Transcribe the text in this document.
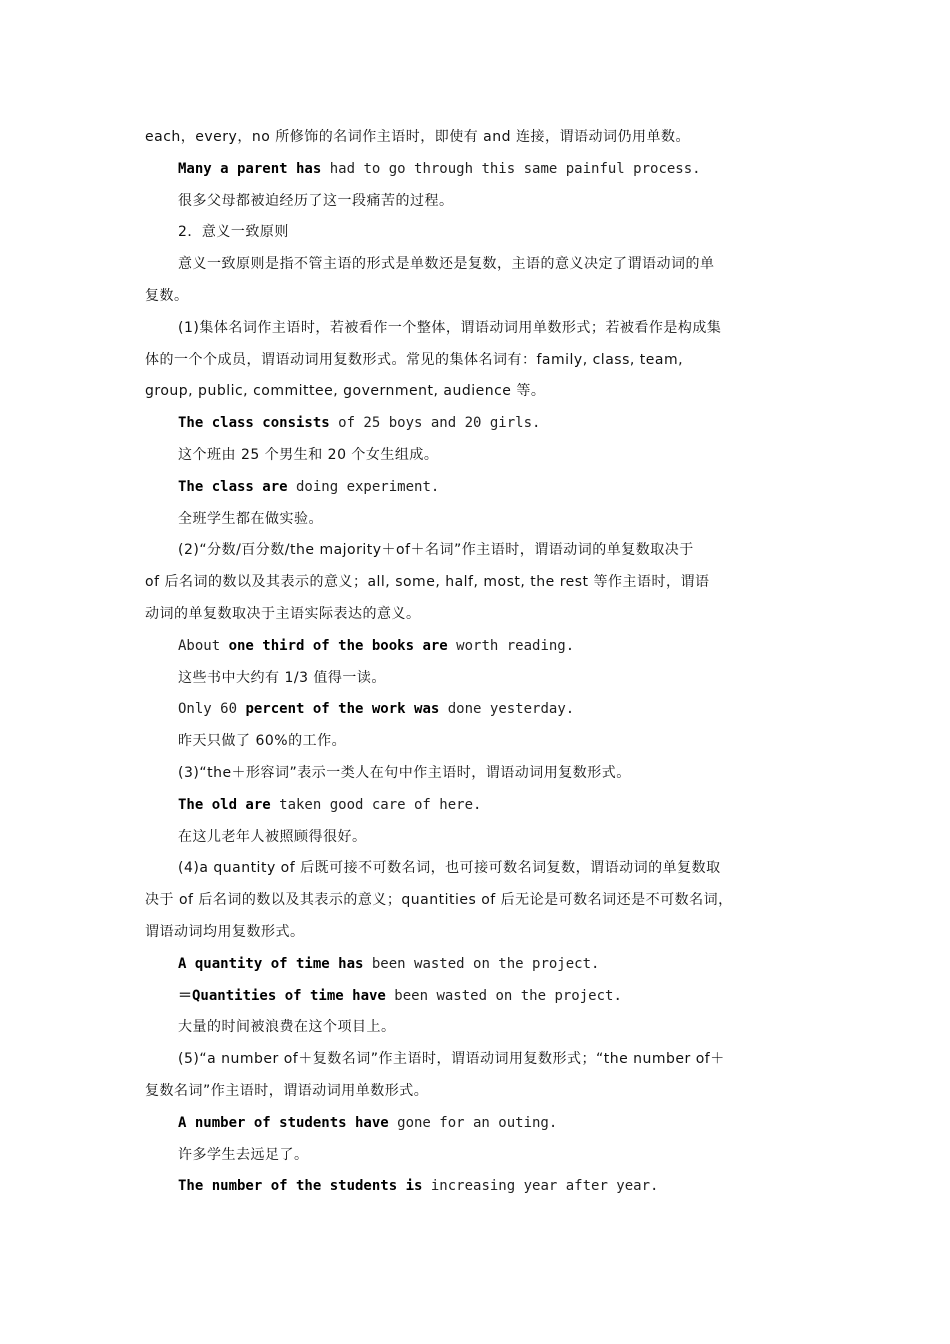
each，every，no 所修饰的名词作主语时，即使有 and 连接，谓语动词仍用单数。
Many a parent has had to go through this same painful process.
很多父母都被迫经历了这一段痛苦的过程。
2．意义一致原则
意义一致原则是指不管主语的形式是单数还是复数，主语的意义决定了谓语动词的单
复数。
(1)集体名词作主语时，若被看作一个整体，谓语动词用单数形式；若被看作是构成集
体的一个个成员，谓语动词用复数形式。常见的集体名词有：family, class, team,
group, public, committee, government, audience 等。
The class consists of 25 boys and 20 girls.
这个班由 25 个男生和 20 个女生组成。
The class are doing experiment.
全班学生都在做实验。
(2)“分数/百分数/the majority＋of＋名词”作主语时，谓语动词的单复数取决于
of 后名词的数以及其表示的意义；all, some, half, most, the rest 等作主语时，谓语
动词的单复数取决于主语实际表达的意义。
About one third of the books are worth reading.
这些书中大约有 1/3 值得一读。
Only 60 percent of the work was done yesterday.
昨天只做了 60%的工作。
(3)“the＋形容词”表示一类人在句中作主语时，谓语动词用复数形式。
The old are taken good care of here.
在这儿老年人被照顾得很好。
(4)a quantity of 后既可接不可数名词，也可接可数名词复数，谓语动词的单复数取
决于 of 后名词的数以及其表示的意义；quantities of 后无论是可数名词还是不可数名词，
谓语动词均用复数形式。
A quantity of time has been wasted on the project.
＝Quantities of time have been wasted on the project.
大量的时间被浪费在这个项目上。
(5)“a number of＋复数名词”作主语时，谓语动词用复数形式；“the number of＋
复数名词”作主语时，谓语动词用单数形式。
A number of students have gone for an outing.
许多学生去远足了。
The number of the students is increasing year after year.
